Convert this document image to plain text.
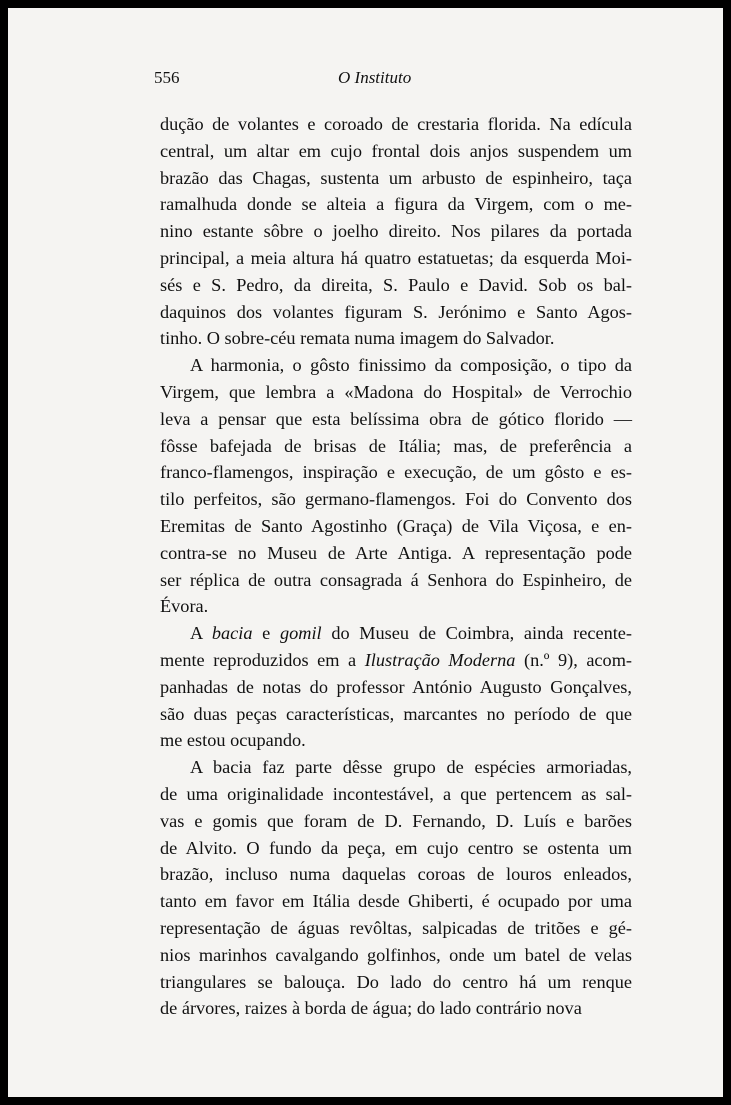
556	O Instituto
dução de volantes e coroado de crestaria florida. Na edícula
central, um altar em cujo frontal dois anjos suspendem um
brazão das Chagas, sustenta um arbusto de espinheiro, taça
ramalhuda donde se alteia a figura da Virgem, com o me-
nino estante sôbre o joelho direito. Nos pilares da portada
principal, a meia altura há quatro estatuetas; da esquerda Moi-
sés e S. Pedro, da direita, S. Paulo e David. Sob os bal-
daquinos dos volantes figuram S. Jerónimo e Santo Agos-
tinho. O sobre-céu remata numa imagem do Salvador.
A harmonia, o gôsto finissimo da composição, o tipo da
Virgem, que lembra a «Madona do Hospital» de Verrochio
leva a pensar que esta belíssima obra de gótico florido —
fôsse bafejada de brisas de Itália; mas, de preferência a
franco-flamengos, inspiração e execução, de um gôsto e es-
tilo perfeitos, são germano-flamengos. Foi do Convento dos
Eremitas de Santo Agostinho (Graça) de Vila Viçosa, e en-
contra-se no Museu de Arte Antiga. A representação pode
ser réplica de outra consagrada á Senhora do Espinheiro, de
Évora.
A bacia e gomil do Museu de Coimbra, ainda recente-
mente reproduzidos em a Ilustração Moderna (n.º 9), acom-
panhadas de notas do professor António Augusto Gonçalves,
são duas peças características, marcantes no período de que
me estou ocupando.
A bacia faz parte dêsse grupo de espécies armoriadas,
de uma originalidade incontestável, a que pertencem as sal-
vas e gomis que foram de D. Fernando, D. Luís e barões
de Alvito. O fundo da peça, em cujo centro se ostenta um
brazão, incluso numa daquelas coroas de louros enleados,
tanto em favor em Itália desde Ghiberti, é ocupado por uma
representação de águas revôltas, salpicadas de tritões e gé-
nios marinhos cavalgando golfinhos, onde um batel de velas
triangulares se balouça. Do lado do centro há um renque
de árvores, raizes à borda de água; do lado contrário nova
